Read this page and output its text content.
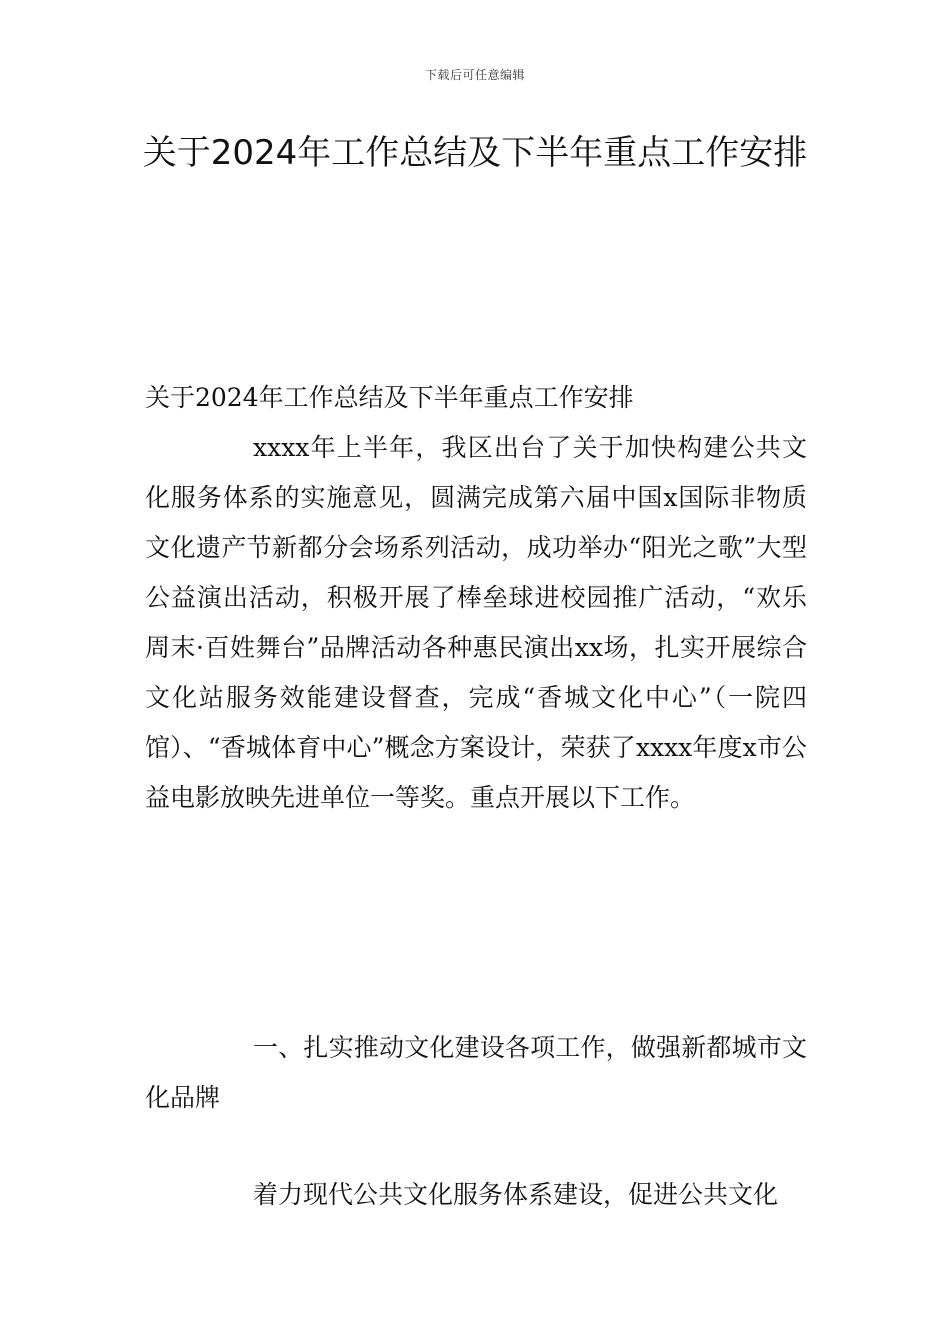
下载后可任意编辑
关于2024年工作总结及下半年重点工作安排
关于2024年工作总结及下半年重点工作安排

xxxx年上半年，我区出台了关于加快构建公共文化服务体系的实施意见，圆满完成第六届中国x国际非物质文化遗产节新都分会场系列活动，成功举办“阳光之歌”大型公益演出活动，积极开展了棒垒球进校园推广活动，“欢乐周末·百姓舞台”品牌活动各种惠民演出xx场，扎实开展综合文化站服务效能建设督查，完成“香城文化中心”（一院四馆）、“香城体育中心”概念方案设计，荣获了xxxx年度x市公益电影放映先进单位一等奖。重点开展以下工作。

一、扎实推动文化建设各项工作，做强新都城市文化品牌

着力现代公共文化服务体系建设，促进公共文化
